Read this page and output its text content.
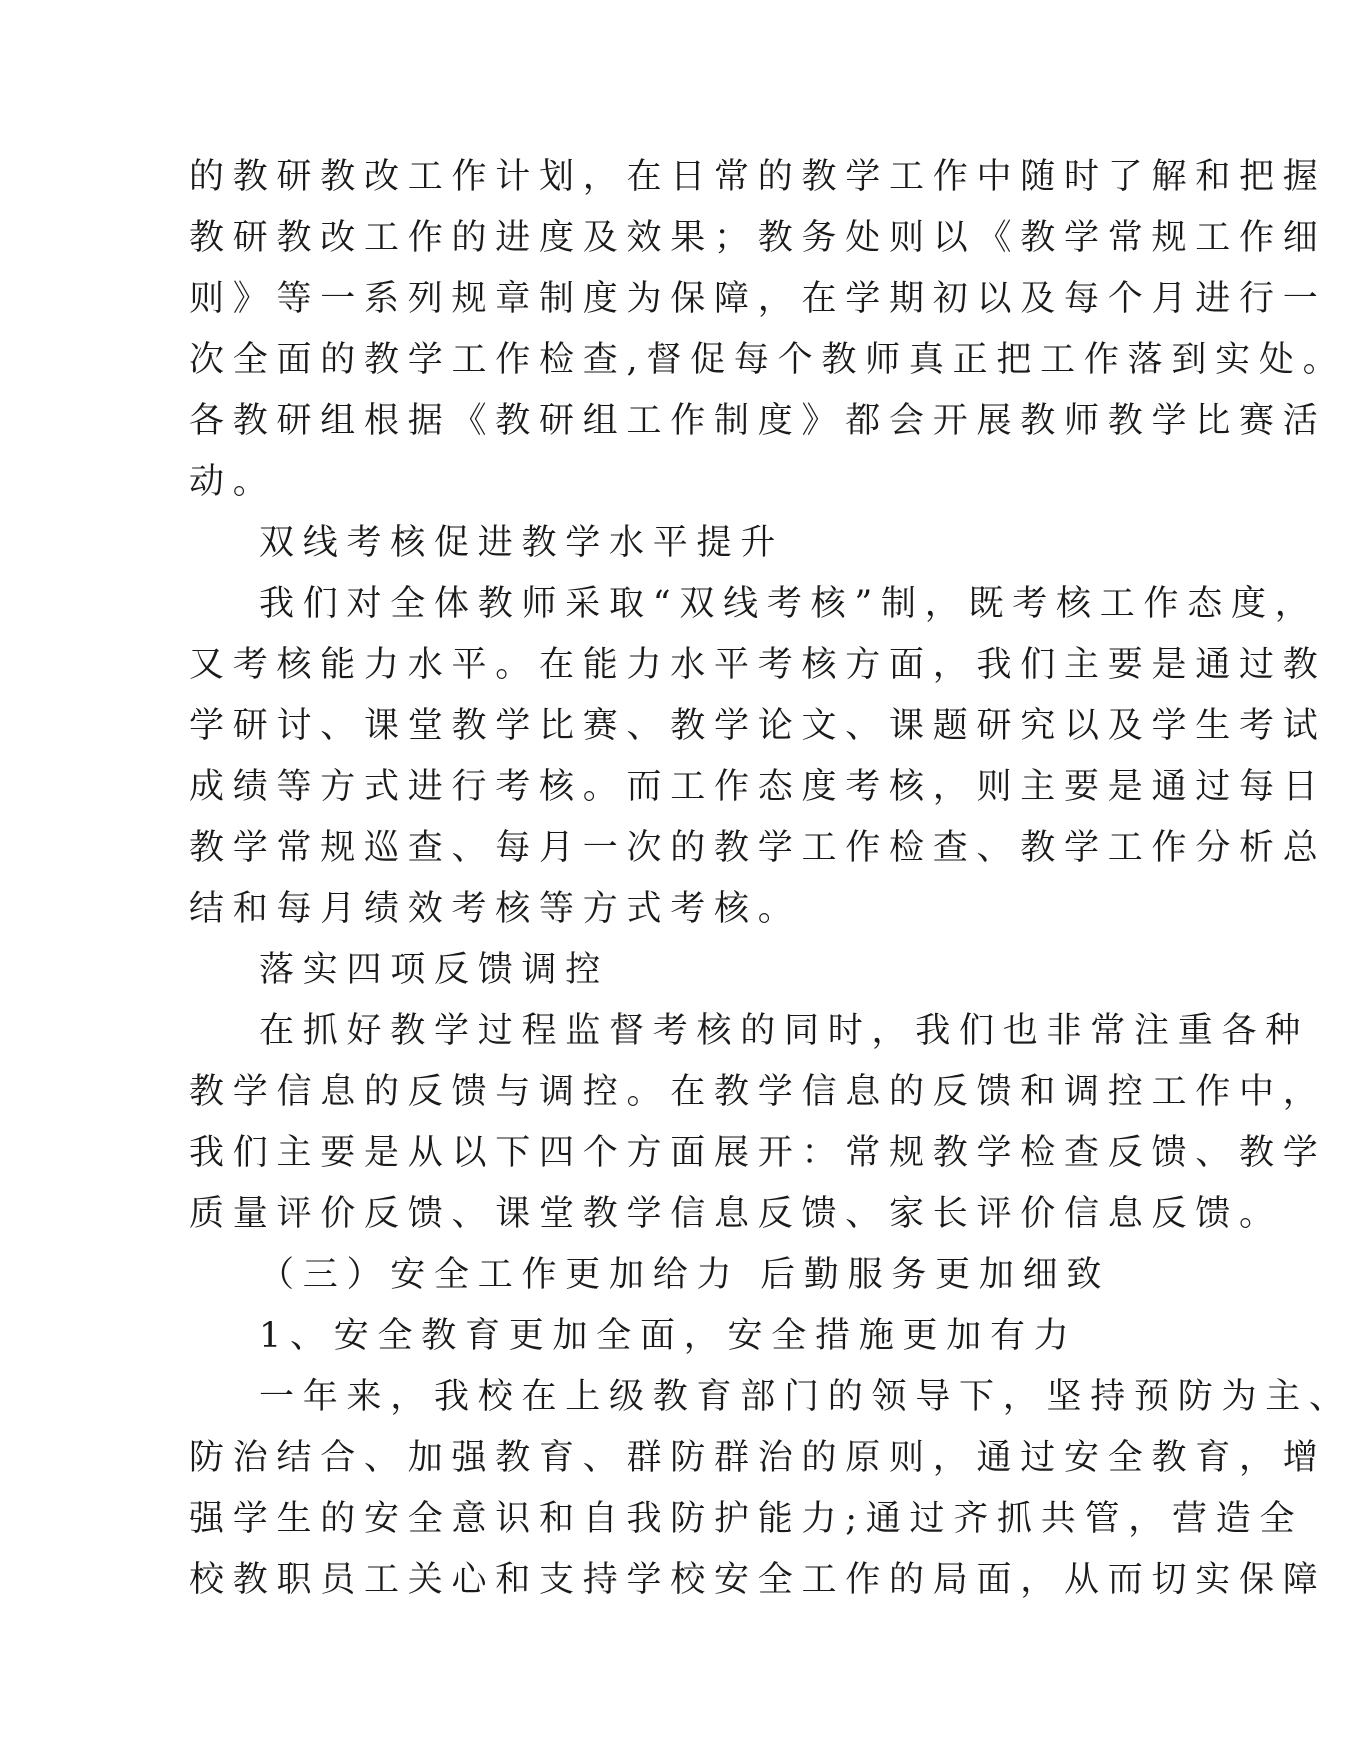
的教研教改工作计划，在日常的教学工作中随时了解和把握
教研教改工作的进度及效果；教务处则以《教学常规工作细
则》等一系列规章制度为保障，在学期初以及每个月进行一
次全面的教学工作检查,督促每个教师真正把工作落到实处。
各教研组根据《教研组工作制度》都会开展教师教学比赛活
动。
双线考核促进教学水平提升
我们对全体教师采取“双线考核”制，既考核工作态度，
又考核能力水平。在能力水平考核方面，我们主要是通过教
学研讨、课堂教学比赛、教学论文、课题研究以及学生考试
成绩等方式进行考核。而工作态度考核，则主要是通过每日
教学常规巡查、每月一次的教学工作检查、教学工作分析总
结和每月绩效考核等方式考核。
落实四项反馈调控
在抓好教学过程监督考核的同时，我们也非常注重各种
教学信息的反馈与调控。在教学信息的反馈和调控工作中，
我们主要是从以下四个方面展开：常规教学检查反馈、教学
质量评价反馈、课堂教学信息反馈、家长评价信息反馈。
（三）安全工作更加给力 后勤服务更加细致
1、安全教育更加全面，安全措施更加有力
一年来，我校在上级教育部门的领导下，坚持预防为主、
防治结合、加强教育、群防群治的原则，通过安全教育，增
强学生的安全意识和自我防护能力;通过齐抓共管，营造全
校教职员工关心和支持学校安全工作的局面，从而切实保障
